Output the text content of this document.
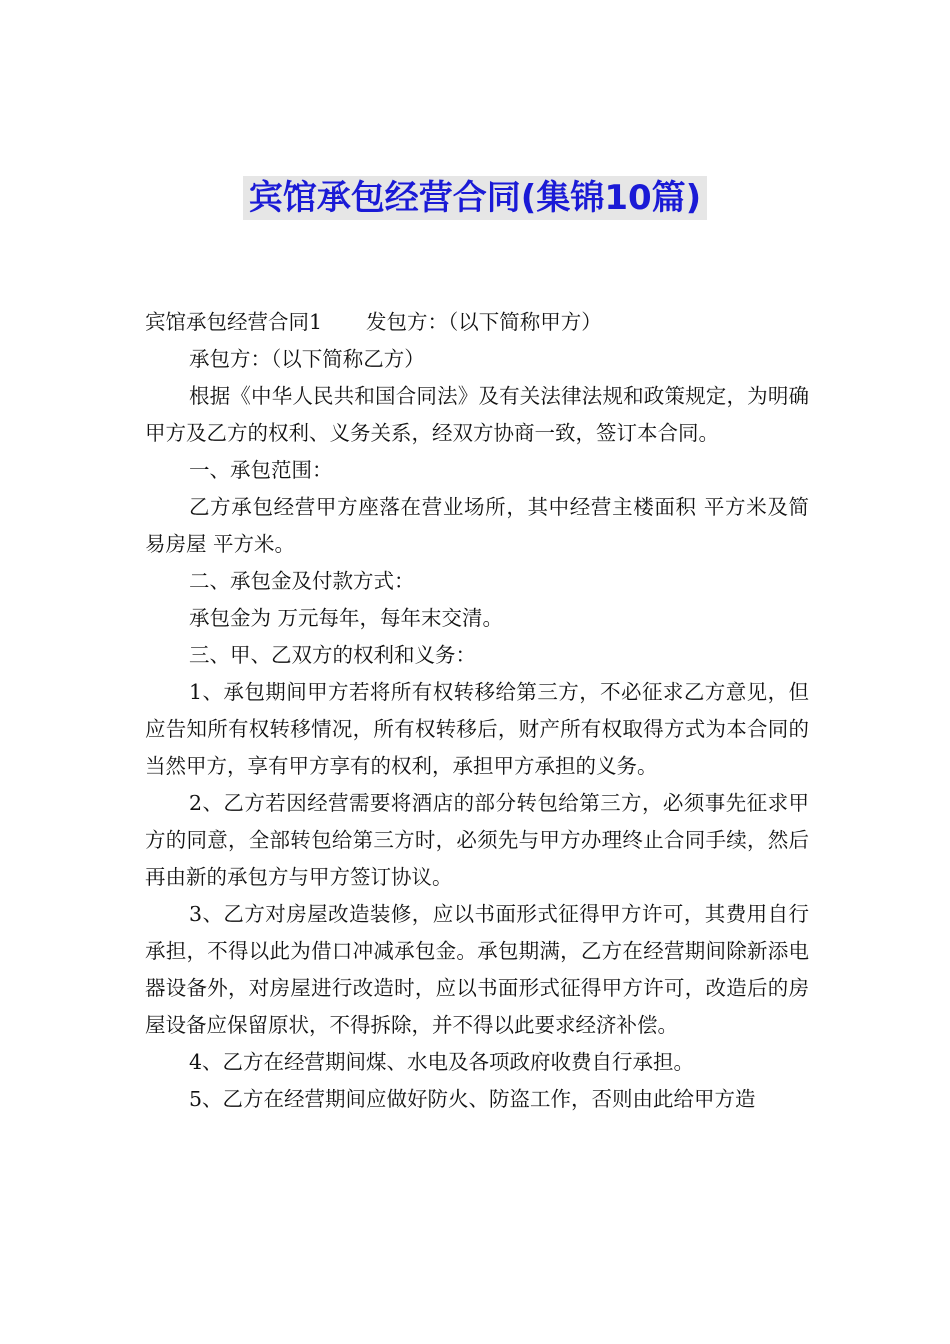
宾馆承包经营合同(集锦10篇)

宾馆承包经营合同1 发包方：（以下简称甲方）

承包方：（以下简称乙方）

根据《中华人民共和国合同法》及有关法律法规和政策规定，为明确甲方及乙方的权利、义务关系，经双方协商一致，签订本合同。

一、承包范围：

乙方承包经营甲方座落在营业场所，其中经营主楼面积 平方米及简易房屋 平方米。

二、承包金及付款方式：

承包金为 万元每年，每年末交清。

三、甲、乙双方的权利和义务：

1、承包期间甲方若将所有权转移给第三方，不必征求乙方意见，但应告知所有权转移情况，所有权转移后，财产所有权取得方式为本合同的当然甲方，享有甲方享有的权利，承担甲方承担的义务。

2、乙方若因经营需要将酒店的部分转包给第三方，必须事先征求甲方的同意，全部转包给第三方时，必须先与甲方办理终止合同手续，然后再由新的承包方与甲方签订协议。

3、乙方对房屋改造装修，应以书面形式征得甲方许可，其费用自行承担，不得以此为借口冲减承包金。承包期满，乙方在经营期间除新添电器设备外，对房屋进行改造时，应以书面形式征得甲方许可，改造后的房屋设备应保留原状，不得拆除，并不得以此要求经济补偿。

4、乙方在经营期间煤、水电及各项政府收费自行承担。

5、乙方在经营期间应做好防火、防盗工作，否则由此给甲方造
